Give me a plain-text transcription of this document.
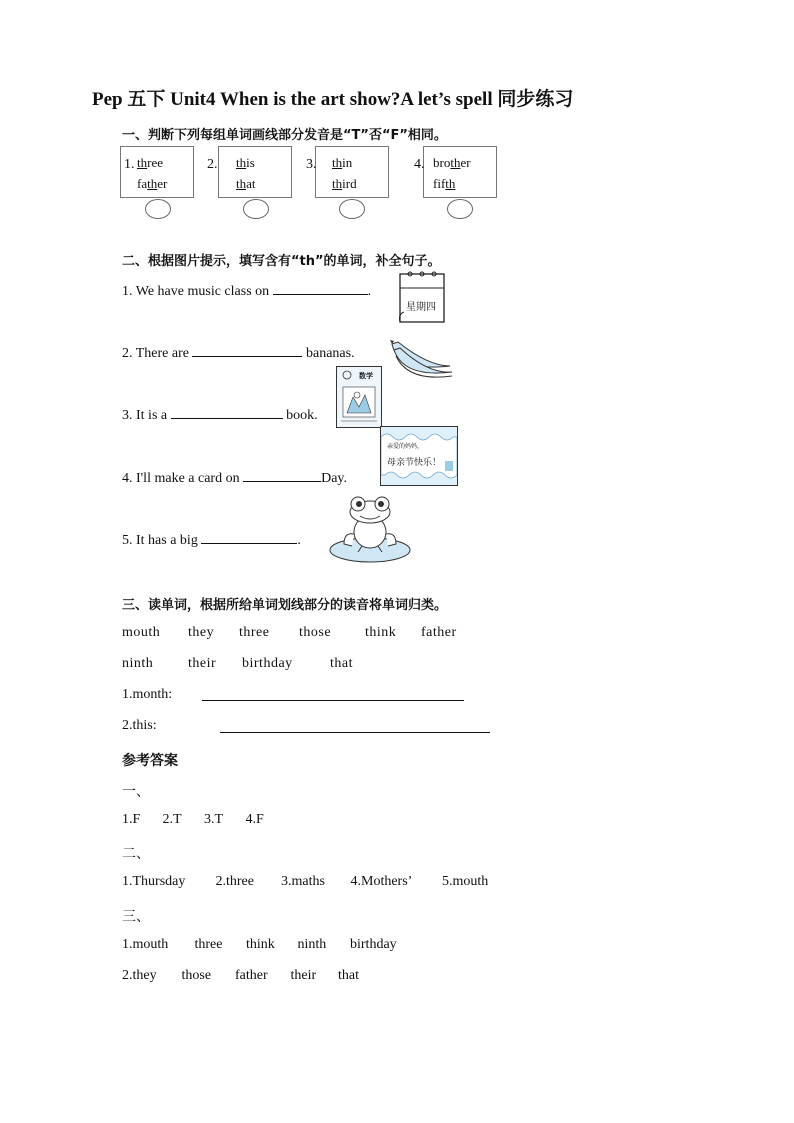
Pep 五下 Unit4 When is the art show?A let’s spell 同步练习
一、判断下列每组单词画线部分发音是“T”否“F”相同。
1. three
father
2. this
that
3. thin
third
4. brother
fifth
二、根据图片提示，填写含有“th”的单词，补全句子。
1. We have music class on	.
星期四
2. There are	bananas.
3. It is a	book.
数学
4. I'll make a card on	Day.
亲爱的妈妈，
母亲节快乐！
5. It has a big	.
三、读单词，根据所给单词划线部分的读音将单词归类。
mouth they three those think father
ninth their birthday	that
1.month:
2.this:
参考答案
一、
1.F 2.T 3.T 4.F
二、
1.Thursday 2.three 3.maths 4.Mothers’ 5.mouth
三、
1.mouth three think ninth birthday
2.they those father their that
